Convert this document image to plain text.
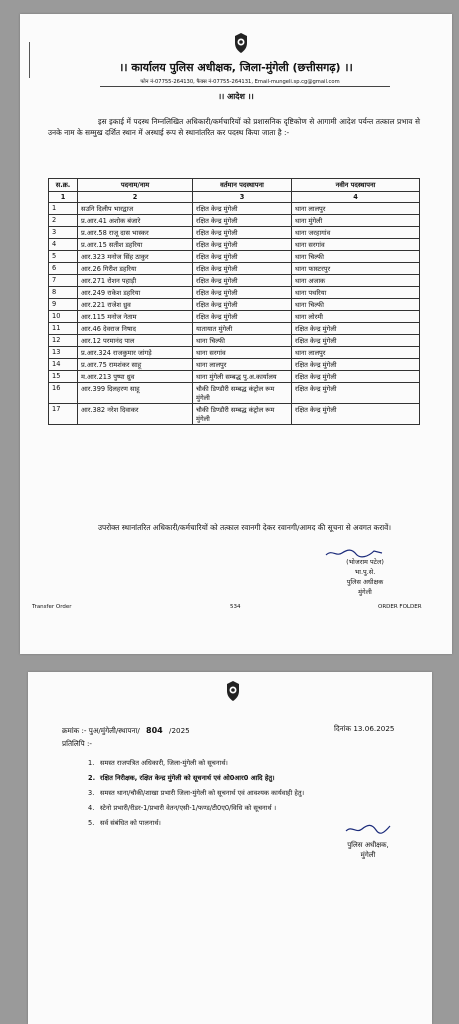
।। कार्यालय पुलिस अधीक्षक, जिला-मुंगेली (छत्तीसगढ़) ।।
फोन नं-07755-264130, फैक्स नं-07755-264131, Email-mungeli.sp.cg@gmail.com
।। आदेश ।।
इस इकाई में पदस्थ निम्नलिखित अधिकारी/कर्मचारियों को प्रशासनिक दृष्टिकोण से आगामी आदेश पर्यन्त तत्काल प्रभाव से उनके नाम के सम्मुख दर्शित स्थान में अस्थाई रूप से स्थानांतरित कर पदस्थ किया जाता है :-
स.क्र.	पदनाम/नाम	वर्तमान पदस्थापना	नवीन पदस्थापना
1	2	3	4
1	सउनि दिलीप भारद्वाज	रक्षित केन्द्र मुंगेली	थाना लालपुर
2	प्र.आर.41 अशोक बंजारे	रक्षित केन्द्र मुंगेली	थाना मुंगेली
3	प्र.आर.58 राजू दास भास्कर	रक्षित केन्द्र मुंगेली	थाना जरहागांव
4	प्र.आर.15 सतीश डहरिया	रक्षित केन्द्र मुंगेली	थाना सरगांव
5	आर.323 मनोज सिंह ठाकुर	रक्षित केन्द्र मुंगेली	थाना चिल्फी
6	आर.26 गिरीश डहरिया	रक्षित केन्द्र मुंगेली	थाना फास्टरपुर
7	आर.271 रोशन पहाड़ी	रक्षित केन्द्र मुंगेली	थाना अजाक
8	आर.249 राकेश डहरिया	रक्षित केन्द्र मुंगेली	थाना पथरिया
9	आर.221 राजेश ध्रुव	रक्षित केन्द्र मुंगेली	थाना चिल्फी
10	आर.115 मनोज नेताम	रक्षित केन्द्र मुंगेली	थाना लोरमी
11	आर.46 देवराज निषाद	यातायात मुंगेली	रक्षित केन्द्र मुंगेली
12	आर.12 परमानंद पाल	थाना चिल्फी	रक्षित केन्द्र मुंगेली
13	प्र.आर.324 राजकुमार जांगड़े	थाना सरगांव	थाना लालपुर
14	प्र.आर.75 रामशंकर साहू	थाना लालपुर	रक्षित केन्द्र मुंगेली
15	म.आर.213 पुष्पा ध्रुव	थाना मुंगेली सम्बद्ध पु.अ.कार्यालय	रक्षित केन्द्र मुंगेली
16	आर.399 दिलहरण साहू	चौकी डिण्डौरी सम्बद्ध कंट्रोल रूम मुंगेली	रक्षित केन्द्र मुंगेली
17	आर.382 नरेश दिवाकर	चौकी डिण्डौरी सम्बद्ध कंट्रोल रूम मुंगेली	रक्षित केन्द्र मुंगेली
उपरोक्त स्थानांतरित अधिकारी/कर्मचारियों को तत्काल रवानगी देकर रवानगी/आमद की सूचना से अवगत करावें।
(भोजराम पटेल)
भा.पु.से.
पुलिस अधीक्षक
मुंगेली
Transfer Order	534	ORDER FOLDER
क्रमांक :- पुअ/मुंगेली/स्थापना/ 804 /2025	दिनांक 13.06.2025
प्रतिलिपि :-
1. समस्त राजपत्रित अधिकारी, जिला-मुंगेली को सूचनार्थ।
2. रक्षित निरीक्षक, रक्षित केन्द्र मुंगेली को सूचनार्थ एवं ओ0आर0 आदि हेतु।
3. समस्त थाना/चौकी/शाखा प्रभारी जिला-मुंगेली को सूचनार्थ एवं आवश्यक कार्यवाही हेतु।
4. स्टेनो प्रभारी/रीडर-1/प्रभारी वेतन/एसी-1/फण्ड/टी0ए0/विधि को सूचनार्थ ।
5. सर्व संबंधित को पालनार्थ।
पुलिस अधीक्षक,
मुंगेली
